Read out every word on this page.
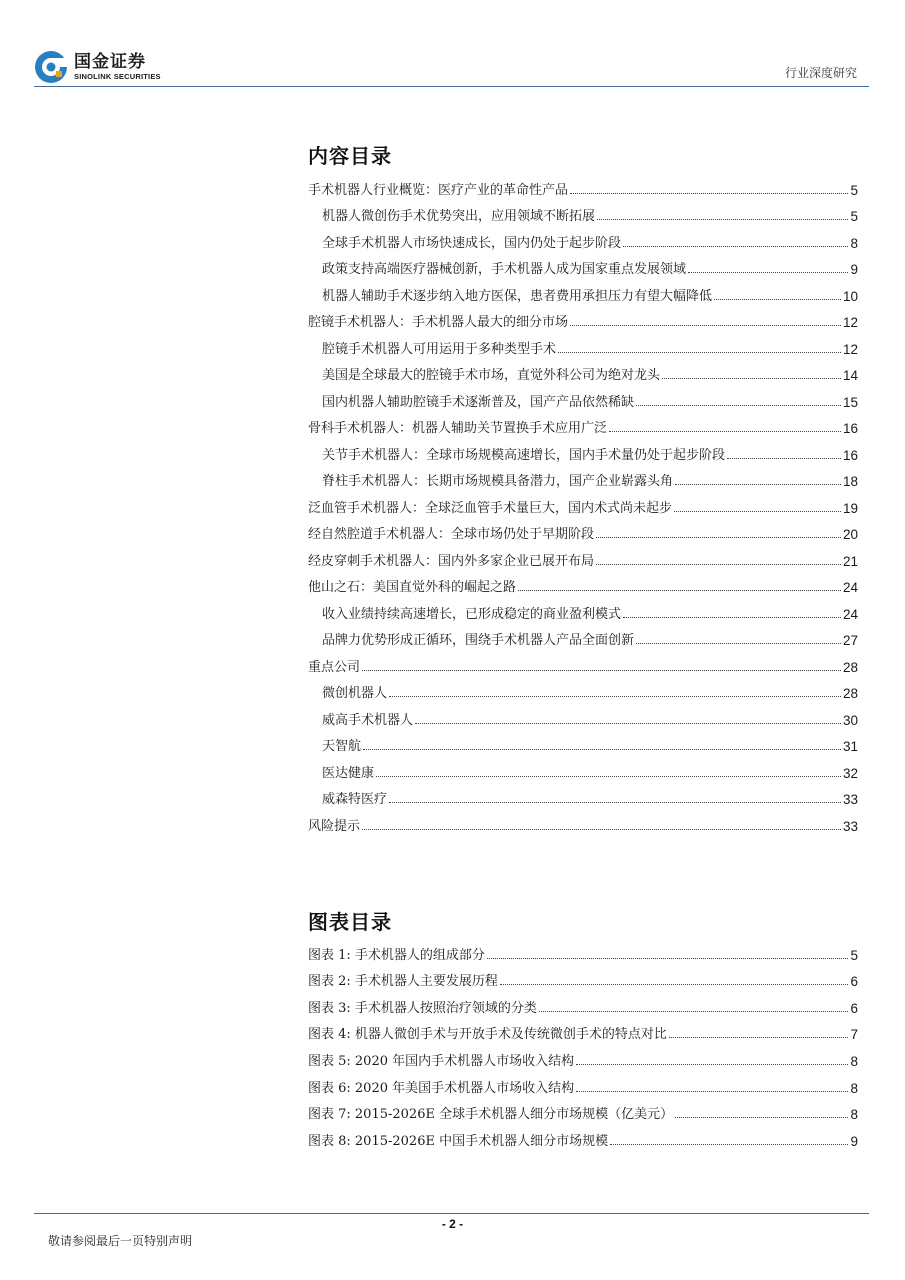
国金证券
SINOLINK SECURITIES	行业深度研究
内容目录
手术机器人行业概览：医疗产业的革命性产品	5
机器人微创伤手术优势突出，应用领域不断拓展	5
全球手术机器人市场快速成长，国内仍处于起步阶段	8
政策支持高端医疗器械创新，手术机器人成为国家重点发展领域	9
机器人辅助手术逐步纳入地方医保，患者费用承担压力有望大幅降低	10
腔镜手术机器人：手术机器人最大的细分市场	12
腔镜手术机器人可用运用于多种类型手术	12
美国是全球最大的腔镜手术市场，直觉外科公司为绝对龙头	14
国内机器人辅助腔镜手术逐渐普及，国产产品依然稀缺	15
骨科手术机器人：机器人辅助关节置换手术应用广泛	16
关节手术机器人：全球市场规模高速增长，国内手术量仍处于起步阶段	16
脊柱手术机器人：长期市场规模具备潜力，国产企业崭露头角	18
泛血管手术机器人：全球泛血管手术量巨大，国内术式尚未起步	19
经自然腔道手术机器人：全球市场仍处于早期阶段	20
经皮穿刺手术机器人：国内外多家企业已展开布局	21
他山之石：美国直觉外科的崛起之路	24
收入业绩持续高速增长，已形成稳定的商业盈利模式	24
品牌力优势形成正循环，围绕手术机器人产品全面创新	27
重点公司	28
微创机器人	28
威高手术机器人	30
天智航	31
医达健康	32
威森特医疗	33
风险提示	33
图表目录
图表 1: 手术机器人的组成部分	5
图表 2: 手术机器人主要发展历程	6
图表 3: 手术机器人按照治疗领域的分类	6
图表 4: 机器人微创手术与开放手术及传统微创手术的特点对比	7
图表 5: 2020 年国内手术机器人市场收入结构	8
图表 6: 2020 年美国手术机器人市场收入结构	8
图表 7: 2015-2026E 全球手术机器人细分市场规模（亿美元）	8
图表 8: 2015-2026E 中国手术机器人细分市场规模	9
- 2 -
敬请参阅最后一页特别声明
